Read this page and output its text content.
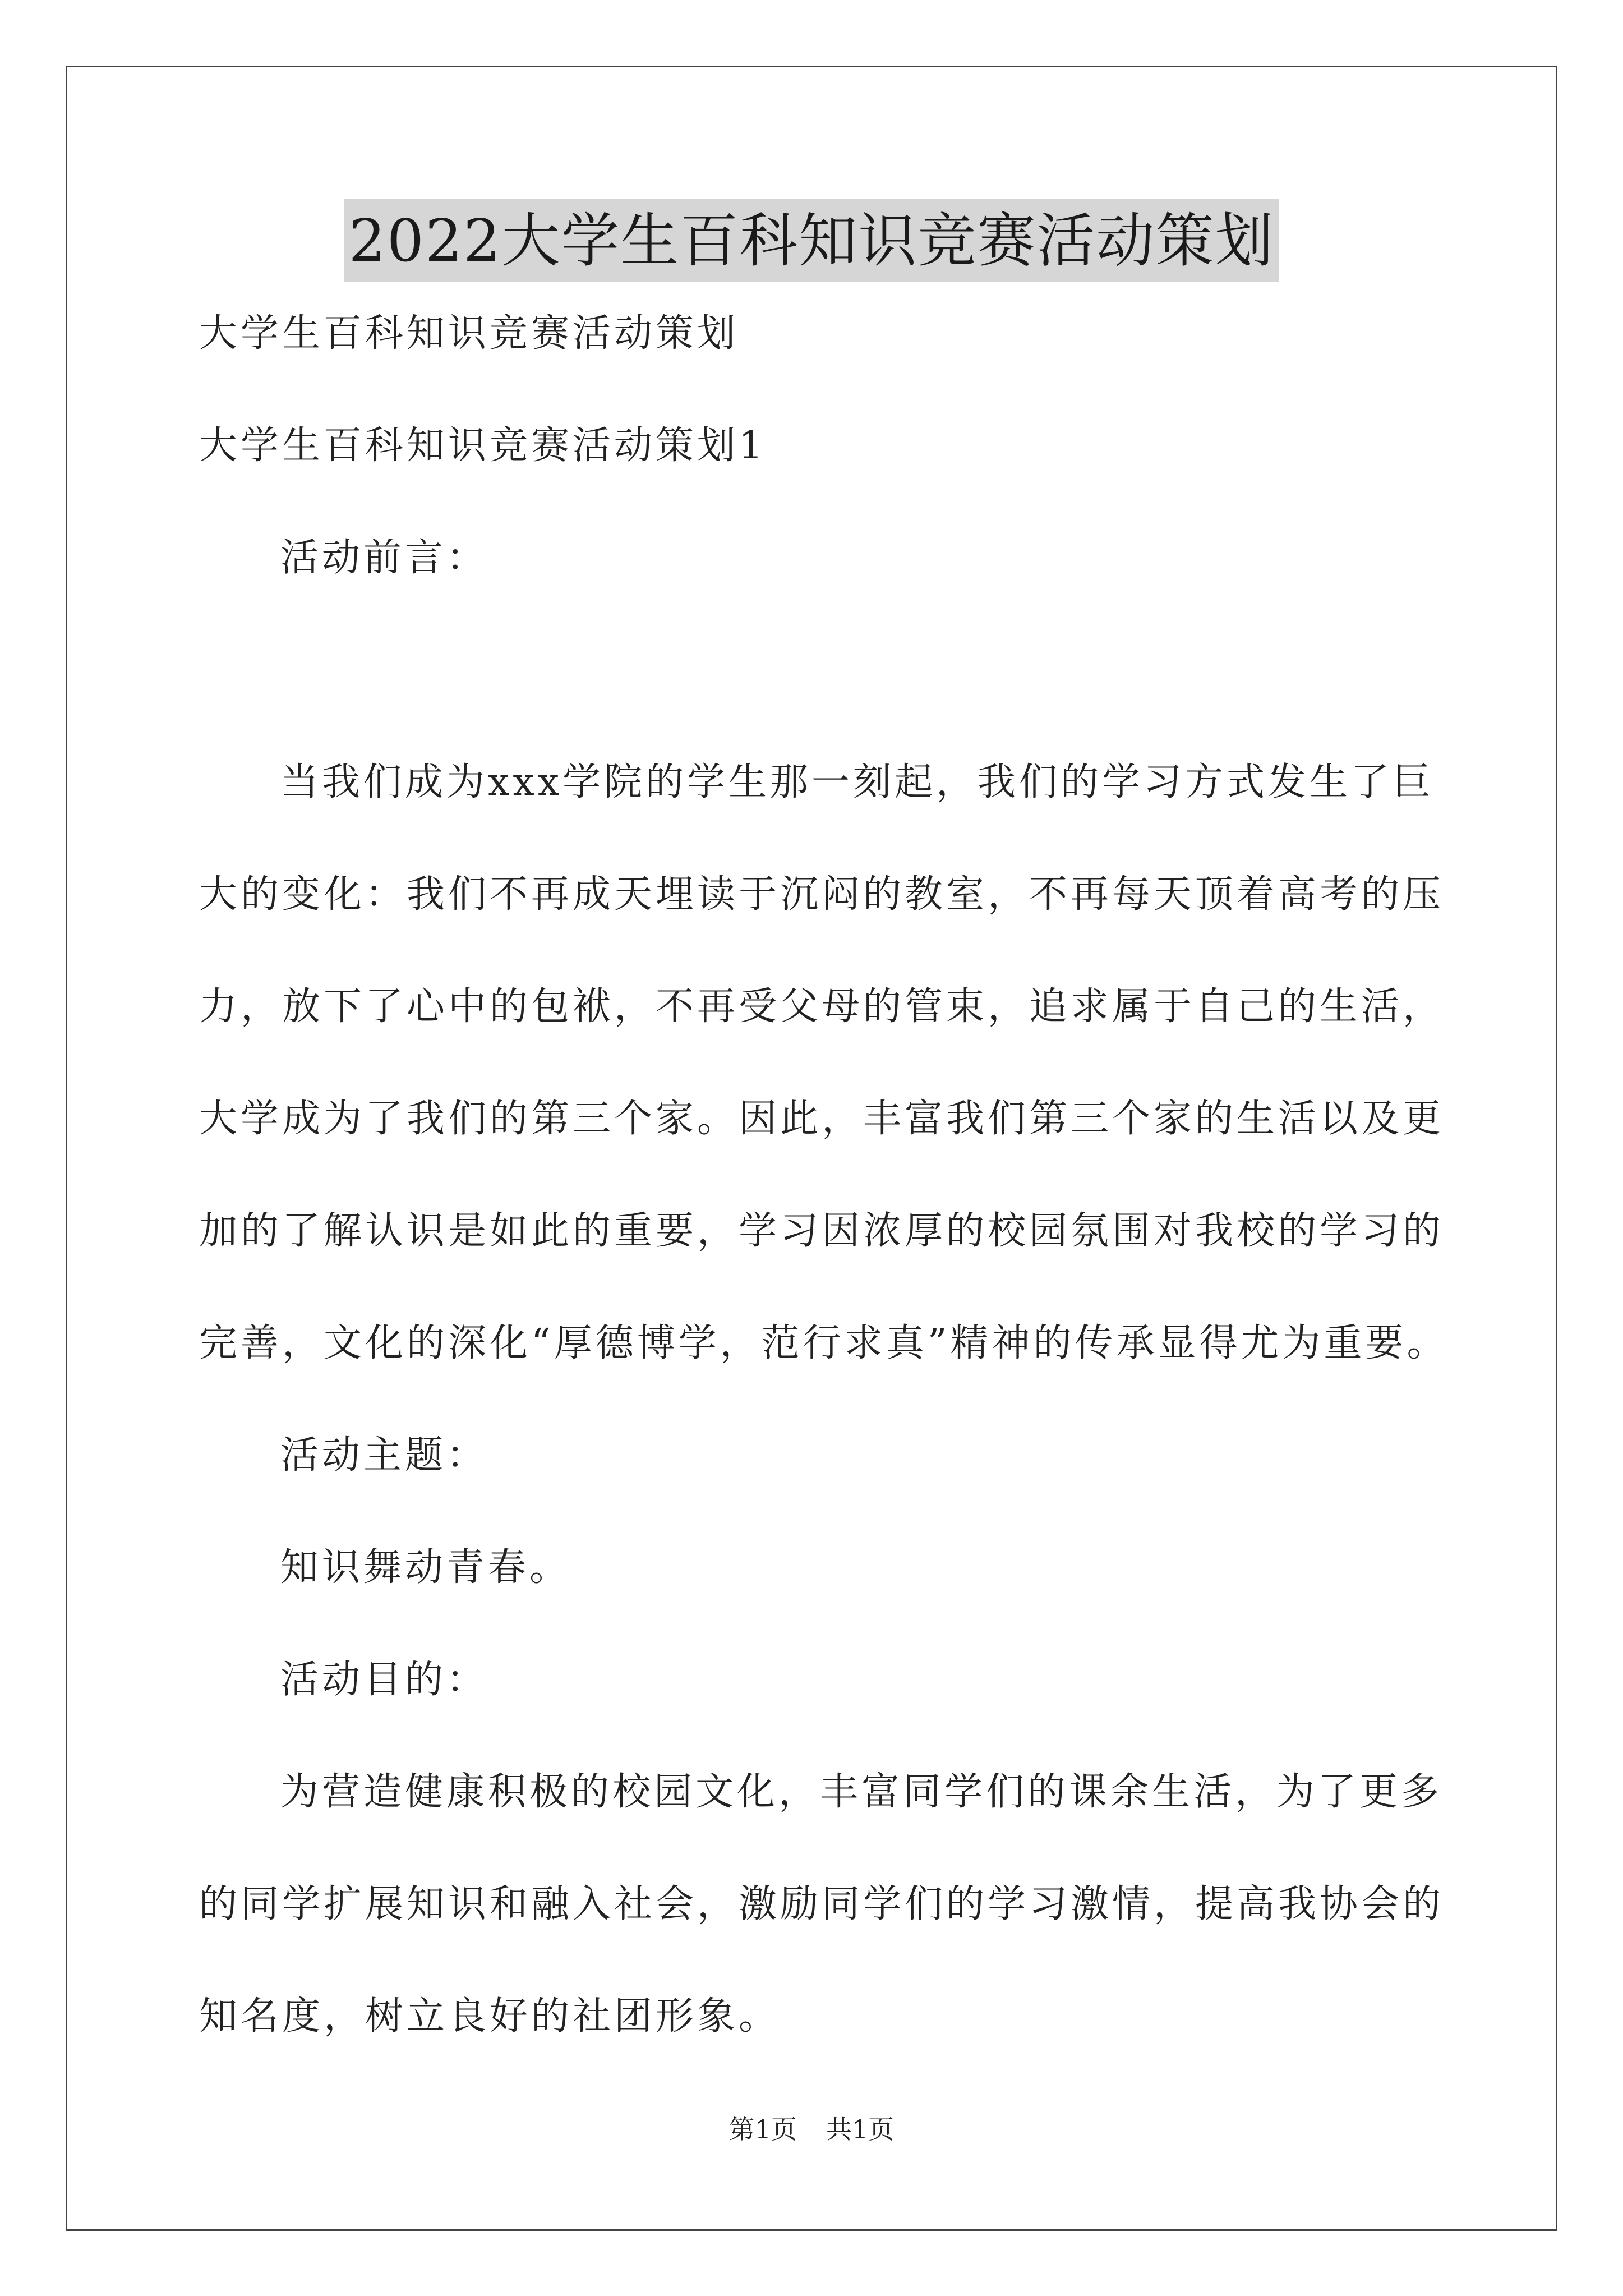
2022大学生百科知识竞赛活动策划
大学生百科知识竞赛活动策划
大学生百科知识竞赛活动策划1
活动前言：
当我们成为xxx学院的学生那一刻起，我们的学习方式发生了巨
大的变化：我们不再成天埋读于沉闷的教室，不再每天顶着高考的压
力，放下了心中的包袱，不再受父母的管束，追求属于自己的生活，
大学成为了我们的第三个家。因此，丰富我们第三个家的生活以及更
加的了解认识是如此的重要，学习因浓厚的校园氛围对我校的学习的
完善，文化的深化“厚德博学，范行求真”精神的传承显得尤为重要。
活动主题：
知识舞动青春。
活动目的：
为营造健康积极的校园文化，丰富同学们的课余生活，为了更多
的同学扩展知识和融入社会，激励同学们的学习激情，提高我协会的
知名度，树立良好的社团形象。
第1页 共1页
